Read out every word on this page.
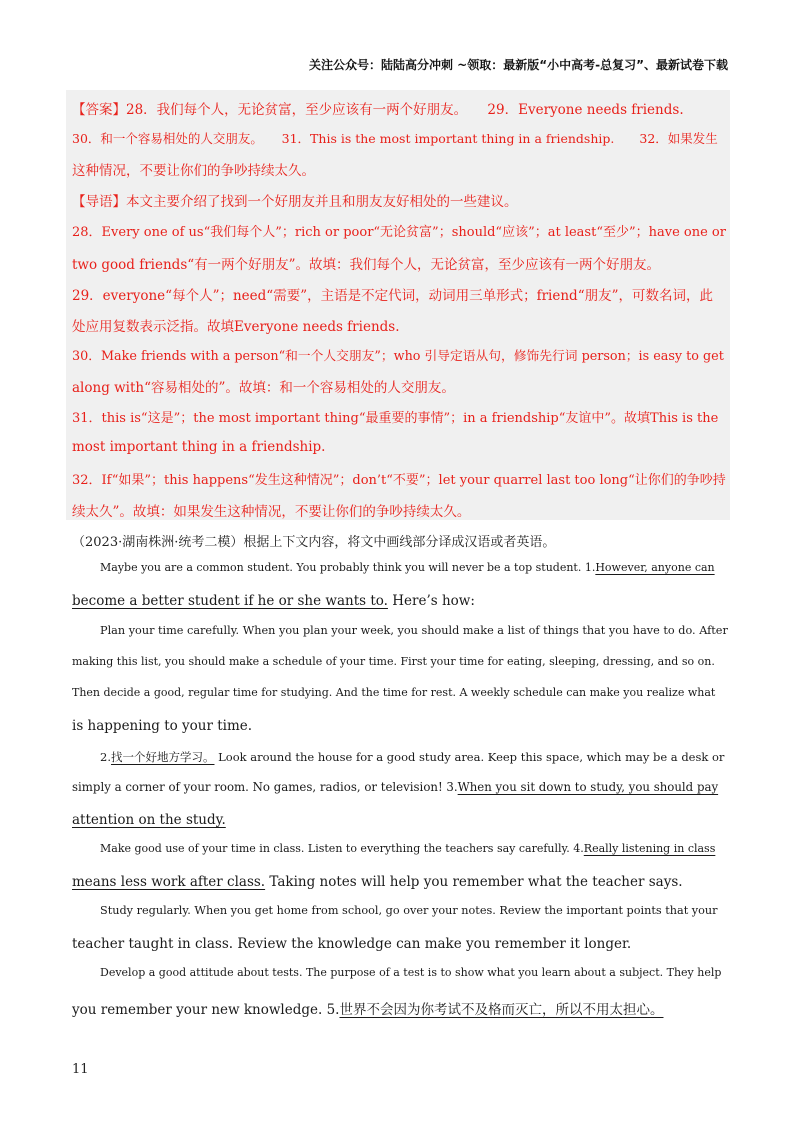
关注公众号：陆陆高分冲刺 ~领取：最新版“小中高考-总复习”、最新试卷下载
【答案】28．我们每个人，无论贫富，至少应该有一两个好朋友。　　29．Everyone needs friends.
30．和一个容易相处的人交朋友。　　31．This is the most important thing in a friendship.　　32．如果发生
这种情况，不要让你们的争吵持续太久。
【导语】本文主要介绍了找到一个好朋友并且和朋友友好相处的一些建议。
28．Every one of us“我们每个人”；rich or poor“无论贫富”；should“应该”；at least“至少”；have one or
two good friends“有一两个好朋友”。故填：我们每个人，无论贫富，至少应该有一两个好朋友。
29．everyone“每个人”；need“需要”，主语是不定代词，动词用三单形式；friend“朋友”，可数名词，此
处应用复数表示泛指。故填Everyone needs friends.
30．Make friends with a person“和一个人交朋友”；who 引导定语从句，修饰先行词 person；is easy to get
along with“容易相处的”。故填：和一个容易相处的人交朋友。
31．this is“这是”；the most important thing“最重要的事情”；in a friendship“友谊中”。故填This is the
most important thing in a friendship.
32．If“如果”；this happens“发生这种情况”；don’t“不要”；let your quarrel last too long“让你们的争吵持
续太久”。故填：如果发生这种情况，不要让你们的争吵持续太久。
（2023·湖南株洲·统考二模）根据上下文内容，将文中画线部分译成汉语或者英语。
Maybe you are a common student. You probably think you will never be a top student. 1.However, anyone can
become a better student if he or she wants to. Here’s how:
Plan your time carefully. When you plan your week, you should make a list of things that you have to do. After
making this list, you should make a schedule of your time. First your time for eating, sleeping, dressing, and so on.
Then decide a good, regular time for studying. And the time for rest. A weekly schedule can make you realize what
is happening to your time.
2.找一个好地方学习。 Look around the house for a good study area. Keep this space, which may be a desk or
simply a corner of your room. No games, radios, or television! 3.When you sit down to study, you should pay
attention on the study.
Make good use of your time in class. Listen to everything the teachers say carefully. 4.Really listening in class
means less work after class. Taking notes will help you remember what the teacher says.
Study regularly. When you get home from school, go over your notes. Review the important points that your
teacher taught in class. Review the knowledge can make you remember it longer.
Develop a good attitude about tests. The purpose of a test is to show what you learn about a subject. They help
you remember your new knowledge. 5.世界不会因为你考试不及格而灭亡，所以不用太担心。
11
